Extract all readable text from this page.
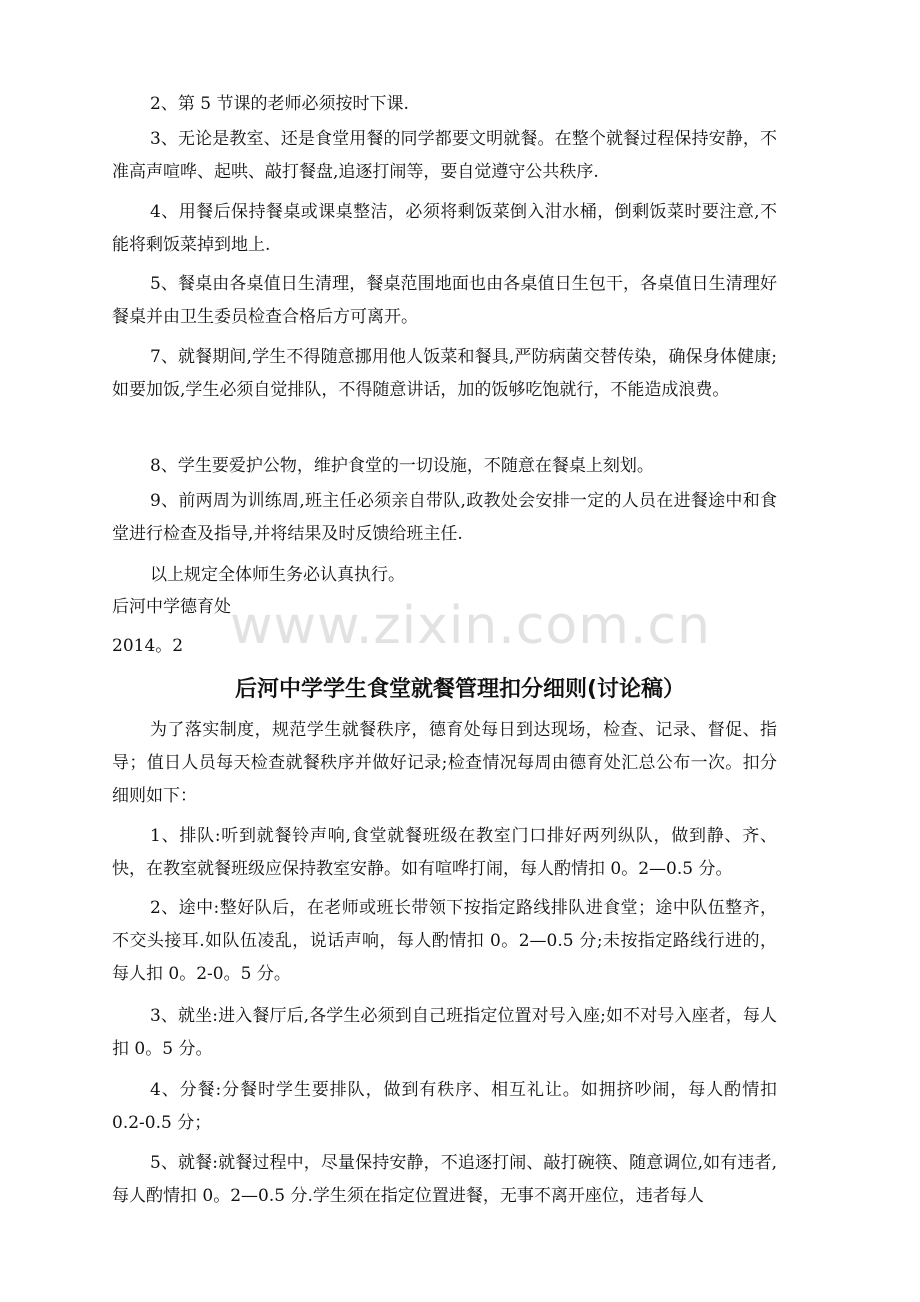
2、第 5 节课的老师必须按时下课.

3、无论是教室、还是食堂用餐的同学都要文明就餐。在整个就餐过程保持安静，不准高声喧哗、起哄、敲打餐盘,追逐打闹等，要自觉遵守公共秩序.

4、用餐后保持餐桌或课桌整洁，必须将剩饭菜倒入泔水桶，倒剩饭菜时要注意,不能将剩饭菜掉到地上.

5、餐桌由各桌值日生清理，餐桌范围地面也由各桌值日生包干，各桌值日生清理好餐桌并由卫生委员检查合格后方可离开。

7、就餐期间,学生不得随意挪用他人饭菜和餐具,严防病菌交替传染，确保身体健康;如要加饭,学生必须自觉排队，不得随意讲话，加的饭够吃饱就行，不能造成浪费。

8、学生要爱护公物，维护食堂的一切设施，不随意在餐桌上刻划。

9、前两周为训练周,班主任必须亲自带队,政教处会安排一定的人员在进餐途中和食堂进行检查及指导,并将结果及时反馈给班主任.

以上规定全体师生务必认真执行。

后河中学德育处

2014。2 www.zixin.com.cn
后河中学学生食堂就餐管理扣分细则(讨论稿）

为了落实制度，规范学生就餐秩序，德育处每日到达现场，检查、记录、督促、指导；值日人员每天检查就餐秩序并做好记录;检查情况每周由德育处汇总公布一次。扣分细则如下：

1、排队:听到就餐铃声响,食堂就餐班级在教室门口排好两列纵队，做到静、齐、快，在教室就餐班级应保持教室安静。如有喧哗打闹，每人酌情扣 0。2—0.5 分。

2、途中:整好队后，在老师或班长带领下按指定路线排队进食堂；途中队伍整齐，不交头接耳.如队伍凌乱，说话声响，每人酌情扣 0。2—0.5 分;未按指定路线行进的，每人扣 0。2-0。5 分。

3、就坐:进入餐厅后,各学生必须到自己班指定位置对号入座;如不对号入座者，每人扣 0。5 分。

4、分餐:分餐时学生要排队，做到有秩序、相互礼让。如拥挤吵闹，每人酌情扣 0.2-0.5 分；

5、就餐:就餐过程中，尽量保持安静，不追逐打闹、敲打碗筷、随意调位,如有违者,每人酌情扣 0。2—0.5 分.学生须在指定位置进餐，无事不离开座位，违者每人
